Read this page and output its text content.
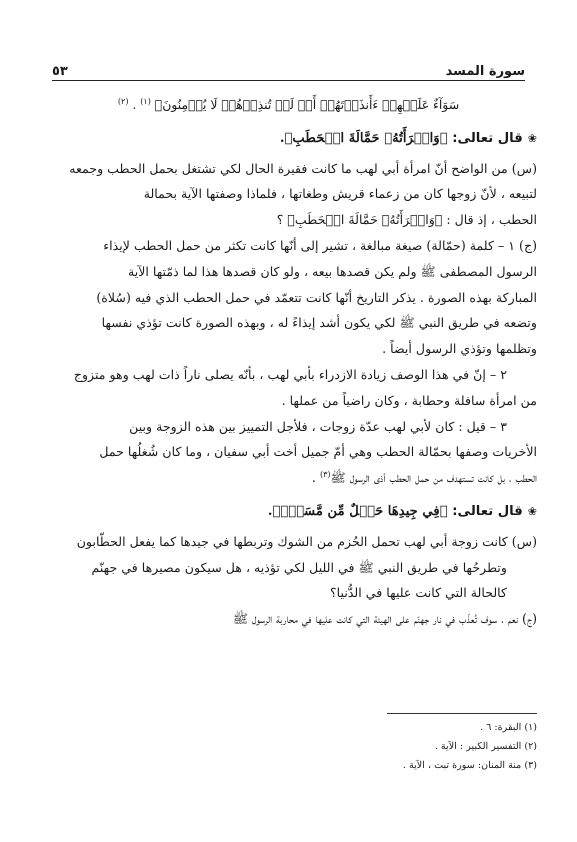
سورة المسد
٥٣

سَوَآءٌ عَلَيۡهِمۡ ءَأَنذَرۡتَهُمۡ أَمۡ لَمۡ تُنذِرۡهُمۡ لَا يُؤۡمِنُونَ﴾ $^{(١)}$ . $^{(٢)}$

❀قال تعالى: ﴿وَامۡرَأَتُهُۥ حَمَّالَةَ الۡحَطَبِ﴾.

(س) من الواضح أنّ امرأة أبي لهب ما كانت فقيرة الحال لكي تشتغل بحمل الحطب وجمعه

لتبيعه ، لأنّ زوجها كان من زعماء قريش وطغاتها ، فلماذا وصفتها الآية بحمالة

الحطب ، إذ قال : ﴿وَامۡرَأَتُهُۥ حَمَّالَةَ الۡحَطَبِ﴾ ؟

(ج) ١ – كلمة (حمّالة) صيغة مبالغة ، تشير إلى أنّها كانت تكثر من حمل الحطب لإيذاء

الرسول المصطفى ﷺ ولم يكن قصدها بيعه ، ولو كان قصدها هذا لما ذمّتها الآية

المباركة بهذه الصورة . يذكر التاريخ أنّها كانت تتعمّد في حمل الحطب الذي فيه (سُلاة)

وتضعه في طريق النبي ﷺ لكي يكون أشد إيذاءً له ، وبهذه الصورة كانت تؤذي نفسها

وتظلمها وتؤذي الرسول أيضاً .

٢ – إنّ في هذا الوصف زيادة الازدراء بأبي لهب ، بأنّه يصلى ناراً ذات لهب وهو متزوج

من امرأة سافلة وحطابة ، وكان راضياً من عملها .

٣ – قيل : كان لأبي لهب عدّة زوجات ، فلأجل التمييز بين هذه الزوجة وبين

الأخريات وصفها بحمّالة الحطب وهي أمّ جميل أخت أبي سفيان ، وما كان شُغلُها حمل

الحطب ، بل كانت تستهدف من حمل الحطب أذى الرسول ﷺ$^{(٣)}$ .

❀قال تعالى: ﴿فِي جِيدِهَا حَبۡلٌ مِّن مَّسَدِۭ﴾.

(س) كانت زوجة أبي لهب تحمل الحُزم من الشوك وتربطها في جيدها كما يفعل الحطّابون

وتطرحُها في طريق النبي ﷺ في الليل لكي تؤذيه ، هل سيكون مصيرها في جهنّم

كالحالة التي كانت عليها في الدُّنيا؟

(ج) نعم ، سوف تُعذّب في نار جهنّم على الهيئة التي كانت عليها في محاربة الرسول ﷺ

(١) البقرة: ٦ .
(٢) التفسير الكبير : الآية .
(٣) منة المنان: سورة تبت ، الآية .
